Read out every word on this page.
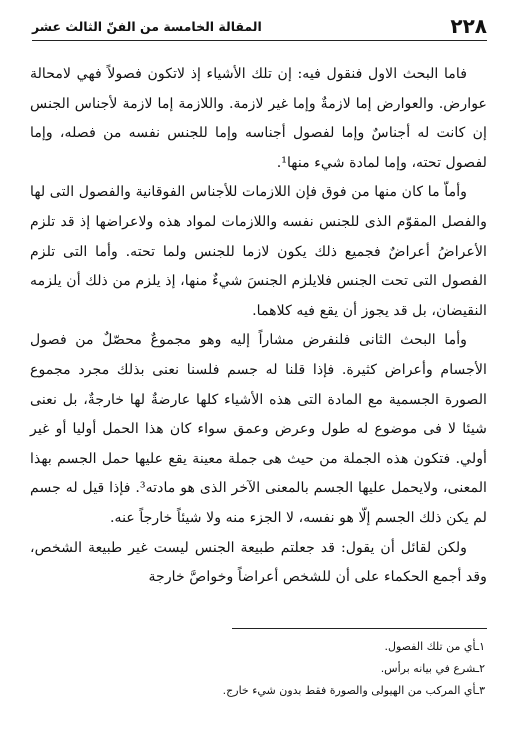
٢٢٨
المقالة الخامسة من الفنّ الثالث عشر

فاما البحث الاول فنقول فيه: إن تلك الأشياء إذ لاتكون فصولاً فهي لامحالة عوارض. والعوارض إما لازمةٌ وإما غير لازمة. واللازمة إما لازمة لأجناس الجنس إن كانت له أجناسٌ وإما لفصول أجناسه وإما للجنس نفسه من فصله، وإما لفصول تحته، وإما لمادة شيء منها¹.

وأماّ ما كان منها من فوق فإن اللازمات للأجناس الفوقانية والفصول التى لها والفصل المقوّم الذى للجنس نفسه واللازمات لمواد هذه ولاعراضها إذ قد تلزم الأعراضُ أعراضٌ فجميع ذلك يكون لازما للجنس ولما تحته. وأما التى تلزم الفصول التى تحت الجنس فلايلزم الجنسَ شيءٌ منها، إذ يلزم من ذلك أن يلزمه النقيضان، بل قد يجوز أن يقع فيه كلاهما.

وأما البحث الثانى فلنفرض مشاراً إليه وهو مجموعٌ محصّلٌ من فصول الأجسام وأعراض كثيرة. فإذا قلنا له جسم فلسنا نعنى بذلك مجرد مجموع الصورة الجسمية مع المادة التى هذه الأشياء كلها عارضةٌ لها خارجةٌ، بل نعنى شيئا لا فى موضوع له طول وعرض وعمق سواء كان هذا الحمل أوليا أو غير أولي. فتكون هذه الجملة من حيث هى جملة معينة يقع عليها حمل الجسم بهذا المعنى، ولايحمل عليها الجسم بالمعنى الآخر الذى هو مادته³. فإذا قيل له جسم لم يكن ذلك الجسم إلّا هو نفسه، لا الجزء منه ولا شيئاً خارجاً عنه.

ولكن لقائل أن يقول: قد جعلتم طبيعة الجنس ليست غير طبيعة الشخص، وقد أجمع الحكماء على أن للشخص أعراضاً وخواصَّ خارجة

١ـأي من تلك الفصول.
٢ـشرع في بيانه برأس.
٣ـأي المركب من الهيولى والصورة فقط بدون شيء خارج.
